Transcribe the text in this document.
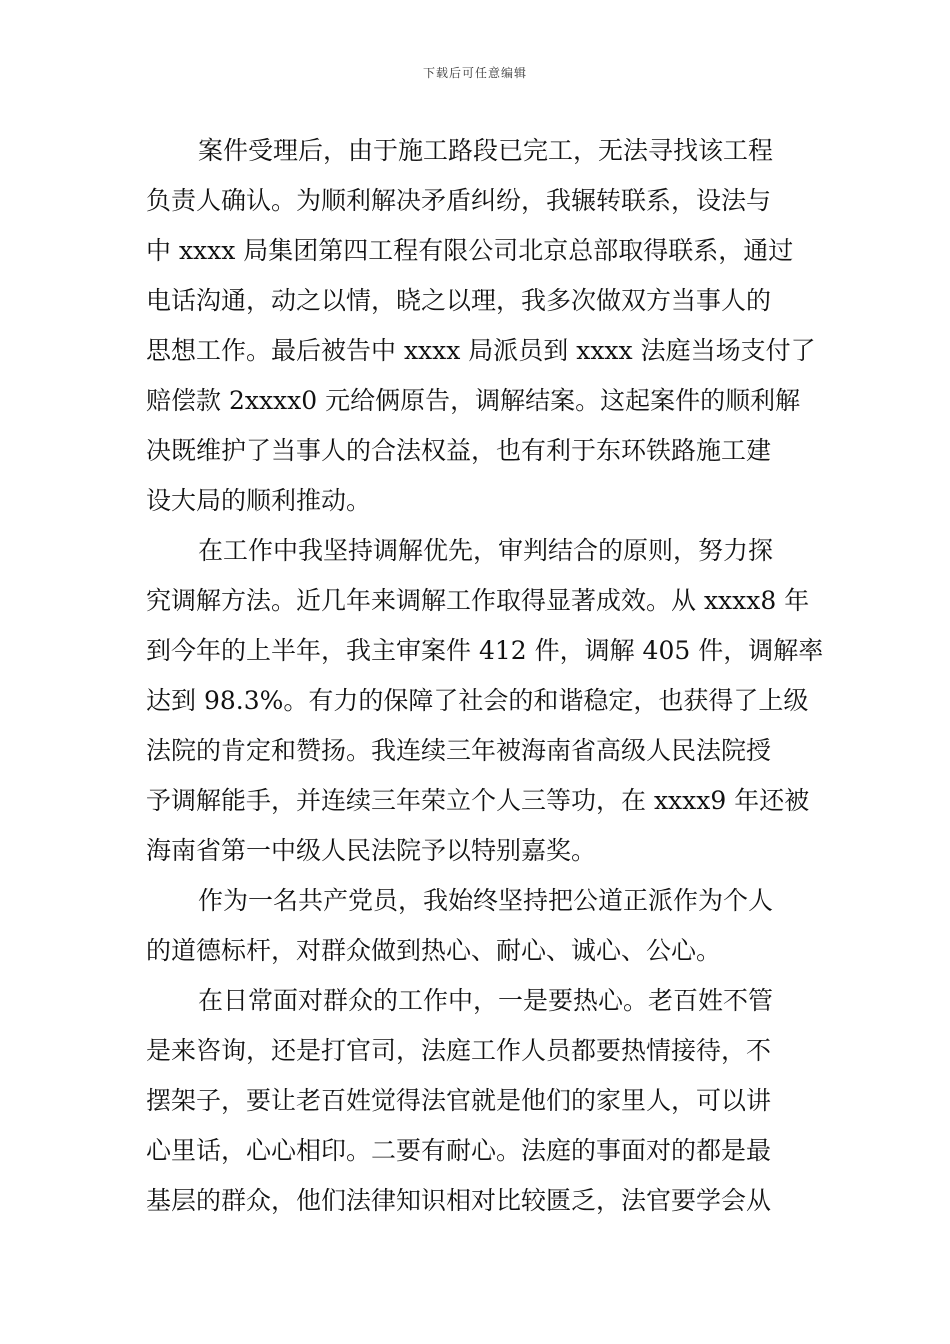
下载后可任意编辑
案件受理后，由于施工路段已完工，无法寻找该工程
负责人确认。为顺利解决矛盾纠纷，我辗转联系，设法与
中 xxxx 局集团第四工程有限公司北京总部取得联系，通过
电话沟通，动之以情，晓之以理，我多次做双方当事人的
思想工作。最后被告中 xxxx 局派员到 xxxx 法庭当场支付了
赔偿款 2xxxx0 元给俩原告，调解结案。这起案件的顺利解
决既维护了当事人的合法权益，也有利于东环铁路施工建
设大局的顺利推动。
在工作中我坚持调解优先，审判结合的原则，努力探
究调解方法。近几年来调解工作取得显著成效。从 xxxx8 年
到今年的上半年，我主审案件 412 件，调解 405 件，调解率
达到 98.3%。有力的保障了社会的和谐稳定，也获得了上级
法院的肯定和赞扬。我连续三年被海南省高级人民法院授
予调解能手，并连续三年荣立个人三等功，在 xxxx9 年还被
海南省第一中级人民法院予以特别嘉奖。
作为一名共产党员，我始终坚持把公道正派作为个人
的道德标杆，对群众做到热心、耐心、诚心、公心。
在日常面对群众的工作中，一是要热心。老百姓不管
是来咨询，还是打官司，法庭工作人员都要热情接待，不
摆架子，要让老百姓觉得法官就是他们的家里人，可以讲
心里话，心心相印。二要有耐心。法庭的事面对的都是最
基层的群众，他们法律知识相对比较匮乏，法官要学会从
